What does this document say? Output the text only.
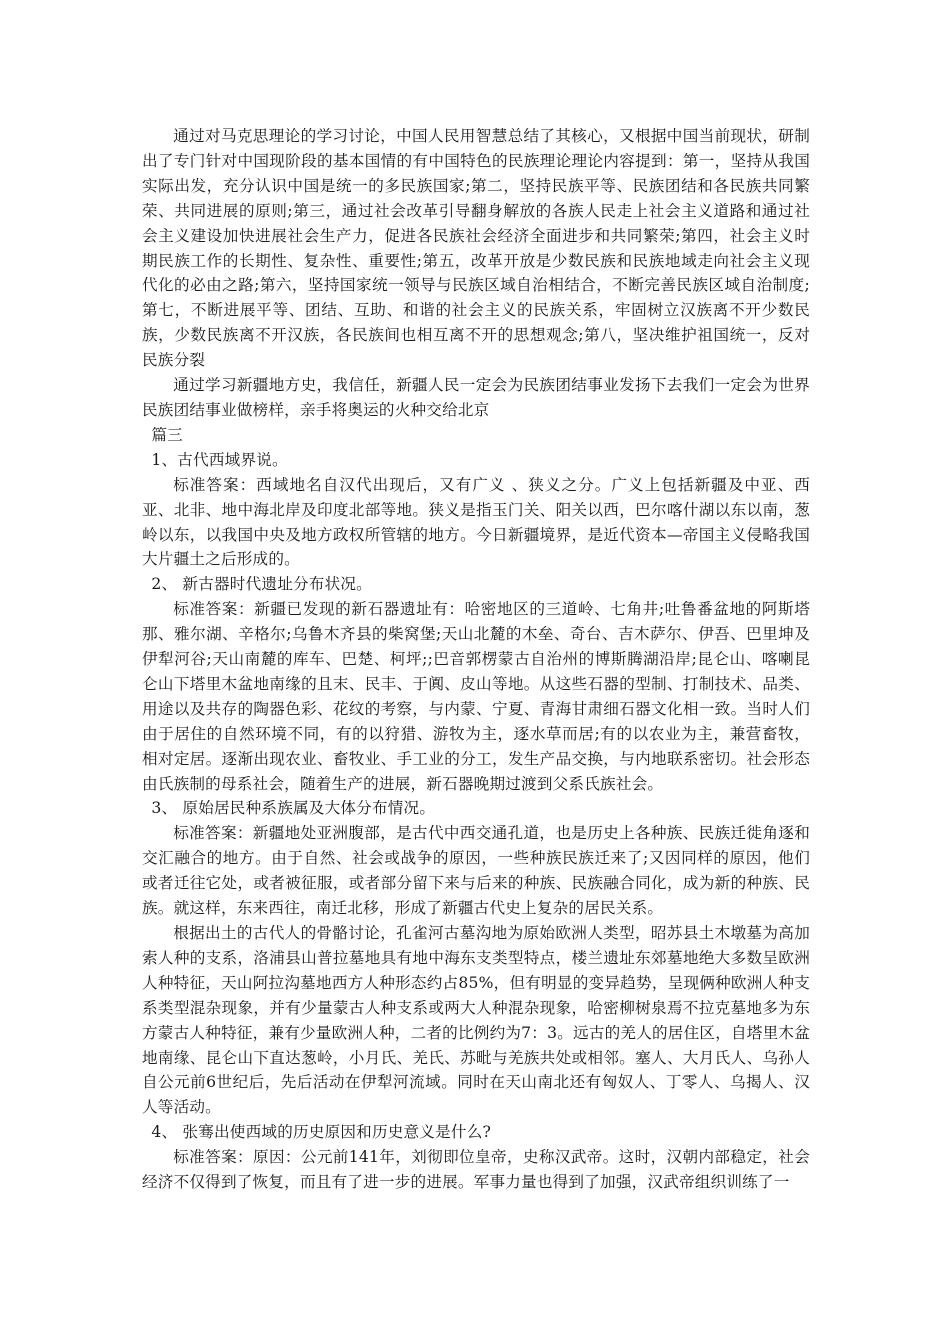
通过对马克思理论的学习讨论，中国人民用智慧总结了其核心，又根据中国当前现状，研制出了专门针对中国现阶段的基本国情的有中国特色的民族理论理论内容提到：第一，坚持从我国实际出发，充分认识中国是统一的多民族国家;第二，坚持民族平等、民族团结和各民族共同繁荣、共同进展的原则;第三，通过社会改革引导翻身解放的各族人民走上社会主义道路和通过社会主义建设加快进展社会生产力，促进各民族社会经济全面进步和共同繁荣;第四，社会主义时期民族工作的长期性、复杂性、重要性;第五，改革开放是少数民族和民族地域走向社会主义现代化的必由之路;第六，坚持国家统一领导与民族区域自治相结合，不断完善民族区域自治制度;第七，不断进展平等、团结、互助、和谐的社会主义的民族关系，牢固树立汉族离不开少数民族，少数民族离不开汉族，各民族间也相互离不开的思想观念;第八，坚决维护祖国统一，反对民族分裂

通过学习新疆地方史，我信任，新疆人民一定会为民族团结事业发扬下去我们一定会为世界民族团结事业做榜样，亲手将奥运的火种交给北京

篇三

1、古代西域界说。

标准答案：西域地名自汉代出现后，又有广义 、狭义之分。广义上包括新疆及中亚、西亚、北非、地中海北岸及印度北部等地。狭义是指玉门关、阳关以西，巴尔喀什湖以东以南，葱岭以东，以我国中央及地方政权所管辖的地方。今日新疆境界，是近代资本—帝国主义侵略我国大片疆土之后形成的。

2、 新古器时代遗址分布状况。

标准答案：新疆已发现的新石器遗址有：哈密地区的三道岭、七角井;吐鲁番盆地的阿斯塔那、雅尔湖、辛格尔;乌鲁木齐县的柴窝堡;天山北麓的木垒、奇台、吉木萨尔、伊吾、巴里坤及伊犁河谷;天山南麓的库车、巴楚、柯坪;;巴音郭楞蒙古自治州的博斯腾湖沿岸;昆仑山、喀喇昆仑山下塔里木盆地南缘的且末、民丰、于阗、皮山等地。从这些石器的型制、打制技术、品类、用途以及共存的陶器色彩、花纹的考察，与内蒙、宁夏、青海甘肃细石器文化相一致。当时人们由于居住的自然环境不同，有的以狩猎、游牧为主，逐水草而居;有的以农业为主，兼营畜牧，相对定居。逐渐出现农业、畜牧业、手工业的分工，发生产品交换，与内地联系密切。社会形态由氏族制的母系社会，随着生产的进展，新石器晚期过渡到父系氏族社会。

3、 原始居民种系族属及大体分布情况。

标准答案：新疆地处亚洲腹部，是古代中西交通孔道，也是历史上各种族、民族迁徙角逐和交汇融合的地方。由于自然、社会或战争的原因，一些种族民族迁来了;又因同样的原因，他们或者迁往它处，或者被征服，或者部分留下来与后来的种族、民族融合同化，成为新的种族、民族。就这样，东来西往，南迁北移，形成了新疆古代史上复杂的居民关系。

根据出土的古代人的骨骼讨论，孔雀河古墓沟地为原始欧洲人类型，昭苏县土木墩墓为高加索人种的支系，洛浦县山普拉墓地具有地中海东支类型特点，楼兰遗址东郊墓地绝大多数呈欧洲人种特征，天山阿拉沟墓地西方人种形态约占85%，但有明显的变异趋势，呈现俩种欧洲人种支系类型混杂现象，并有少量蒙古人种支系或两大人种混杂现象，哈密柳树泉焉不拉克墓地多为东方蒙古人种特征，兼有少量欧洲人种，二者的比例约为7：3。远古的羌人的居住区，自塔里木盆地南缘、昆仑山下直达葱岭，小月氏、羌氏、苏毗与羌族共处或相邻。塞人、大月氏人、乌孙人自公元前6世纪后，先后活动在伊犁河流域。同时在天山南北还有匈奴人、丁零人、乌揭人、汉人等活动。

4、 张骞出使西域的历史原因和历史意义是什么?

标准答案：原因：公元前141年，刘彻即位皇帝，史称汉武帝。这时，汉朝内部稳定，社会经济不仅得到了恢复，而且有了进一步的进展。军事力量也得到了加强，汉武帝组织训练了一
